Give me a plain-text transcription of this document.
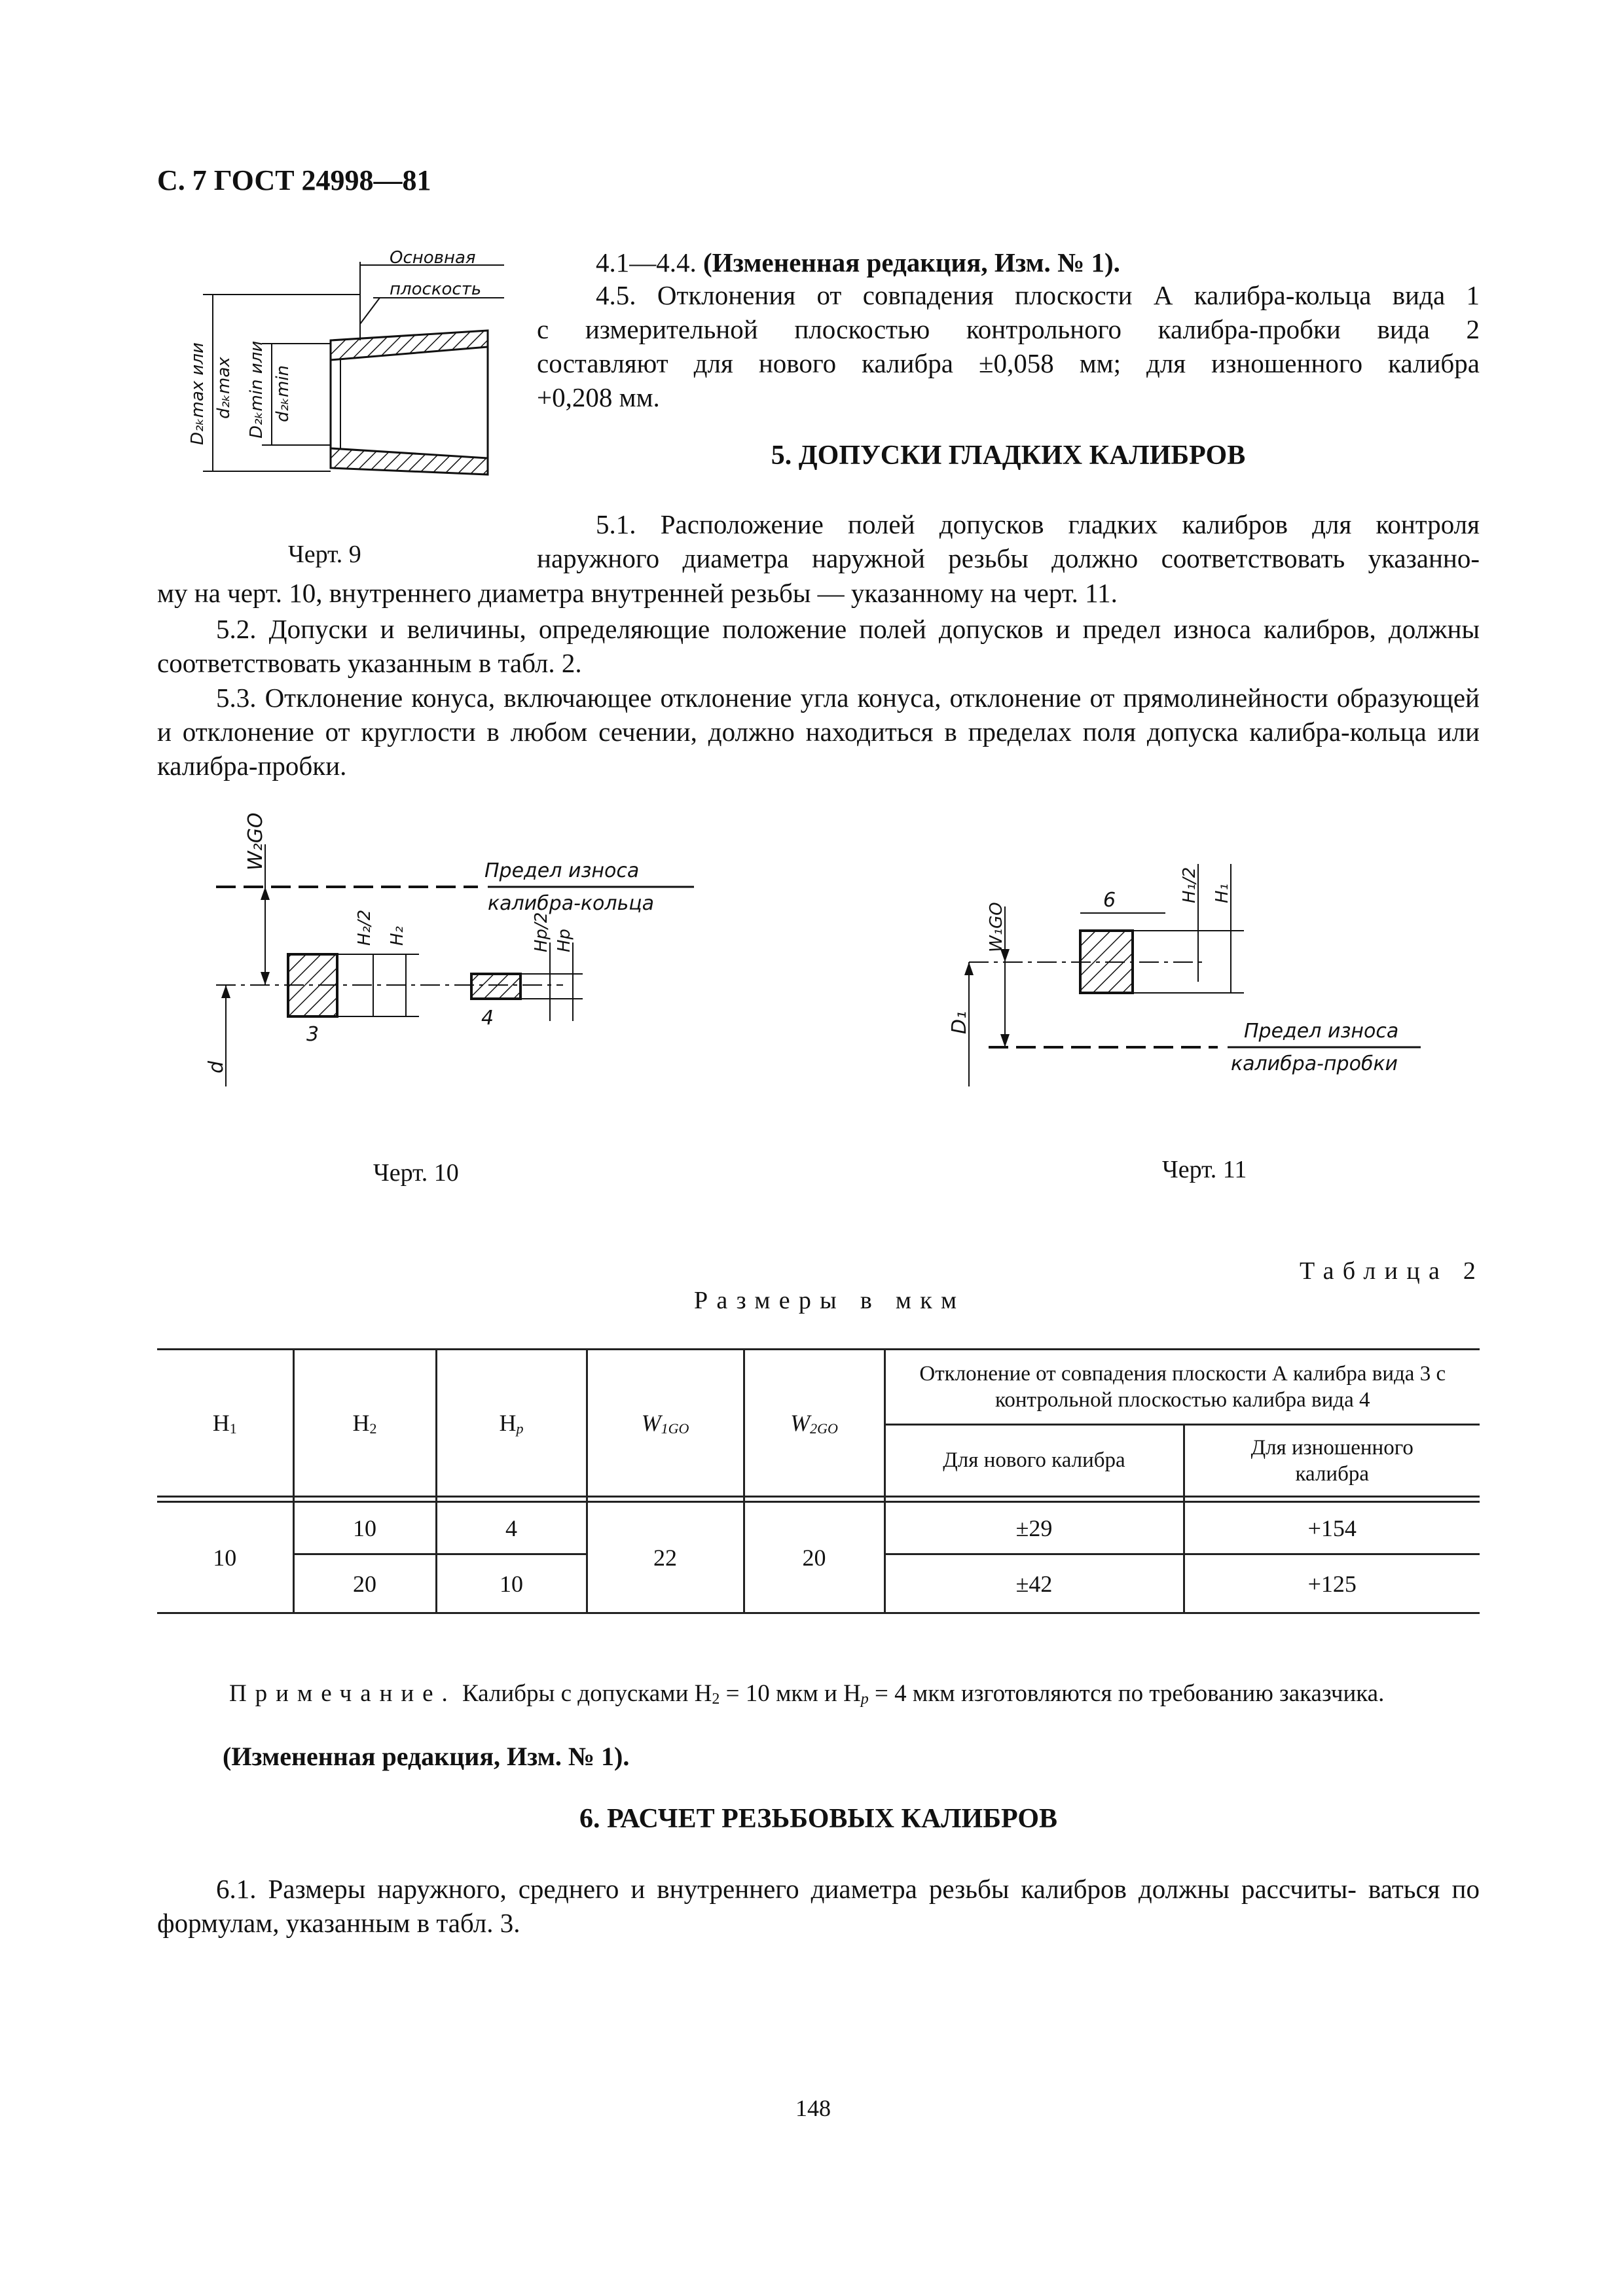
С. 7 ГОСТ 24998—81
Основная
плоскость
D₂ₖmax или d₂ₖmax D₂ₖmin или d₂ₖmin
Черт. 9
4.1—4.4. (Измененная редакция, Изм. № 1).
4.5. Отклонения от совпадения плоскости А калибра-кольца вида 1
с измерительной плоскостью контрольного калибра-пробки вида 2
составляют для нового калибра ±0,058 мм; для изношенного калибра
+0,208 мм.
5. ДОПУСКИ ГЛАДКИХ КАЛИБРОВ
5.1. Расположение полей допусков гладких калибров для контроля
наружного диаметра наружной резьбы должно соответствовать указанно-
му на черт. 10, внутреннего диаметра внутренней резьбы — указанному на черт. 11.
5.2. Допуски и величины, определяющие положение полей допусков и предел износа калибров, должны соответствовать указанным в табл. 2.
5.3. Отклонение конуса, включающее отклонение угла конуса, отклонение от прямолинейности образующей и отклонение от круглости в любом сечении, должно находиться в пределах поля допуска калибра-кольца или калибра-пробки.
Предел износа
калибра-кольца
W₂GO
d
3
H₂/2 H₂
4
Hp/2 Hp
Черт. 10
6	H₁/2 H₁
W₁GO
D₁	Предел износа
калибра-пробки
Черт. 11
Таблица 2
Размеры в мкм
H1	H2	Hp	W1GO	W2GO	Отклонение от совпадения плоскости А калибра вида 3 с контрольной плоскостью калибра вида 4	
					Для нового калибра	Для изношенного калибра

10	10	4	22	20	±29	+154
	20	10			±42	+125
Примечание. Калибры с допусками H2 = 10 мкм и Hp = 4 мкм изготовляются по требованию заказчика.
(Измененная редакция, Изм. № 1).
6. РАСЧЕТ РЕЗЬБОВЫХ КАЛИБРОВ
6.1. Размеры наружного, среднего и внутреннего диаметра резьбы калибров должны рассчиты- ваться по формулам, указанным в табл. 3.
148
